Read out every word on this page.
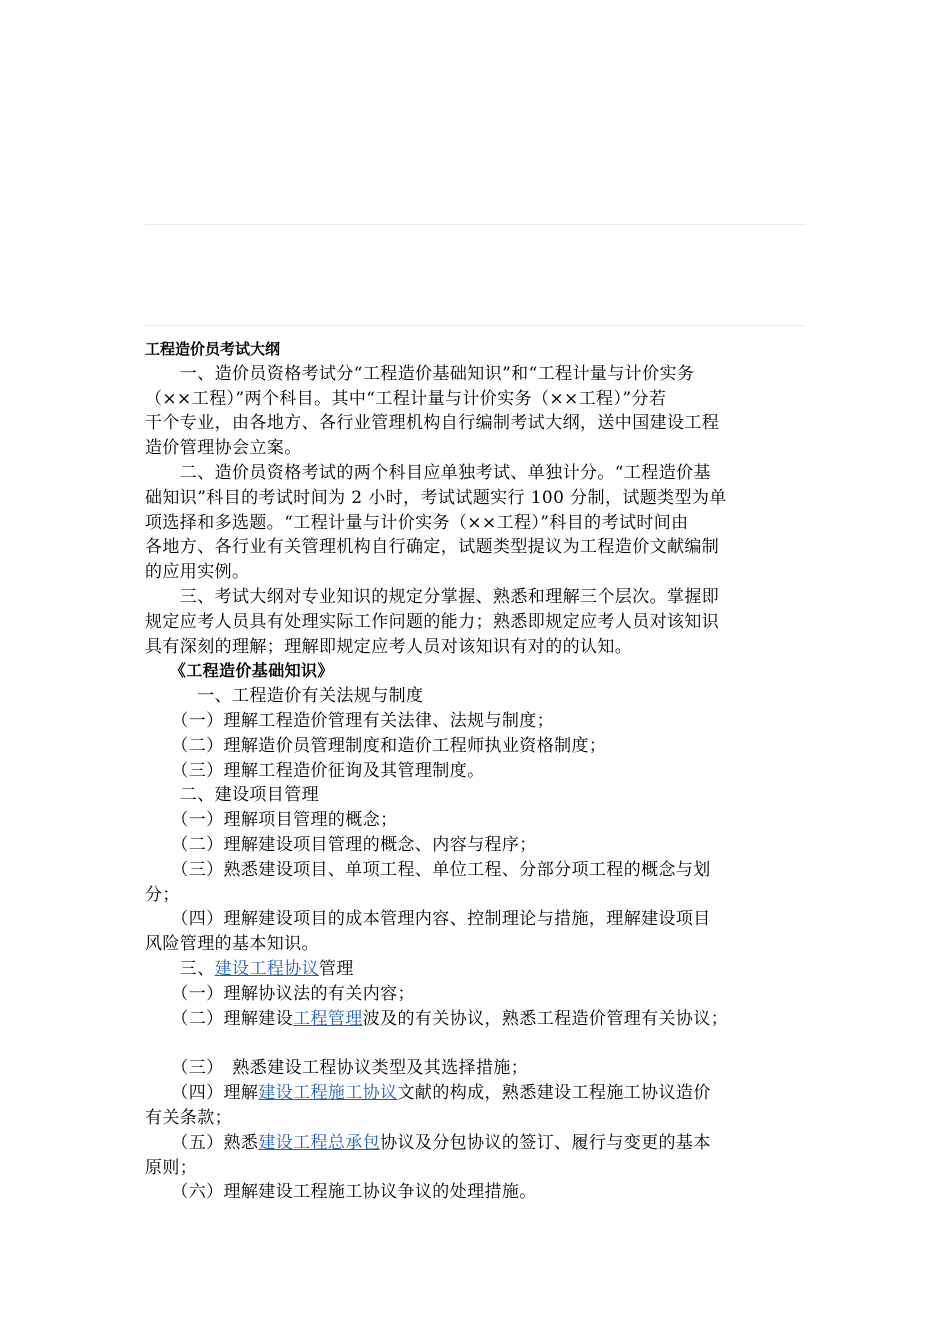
工程造价员考试大纲
　　一、造价员资格考试分“工程造价基础知识”和“工程计量与计价实务
（××工程）”两个科目。其中“工程计量与计价实务（××工程）”分若
干个专业，由各地方、各行业管理机构自行编制考试大纲，送中国建设工程
造价管理协会立案。
　　二、造价员资格考试的两个科目应单独考试、单独计分。“工程造价基
础知识”科目的考试时间为 2 小时，考试试题实行 100 分制，试题类型为单
项选择和多选题。“工程计量与计价实务（××工程）”科目的考试时间由
各地方、各行业有关管理机构自行确定，试题类型提议为工程造价文献编制
的应用实例。
　　三、考试大纲对专业知识的规定分掌握、熟悉和理解三个层次。掌握即
规定应考人员具有处理实际工作问题的能力；熟悉即规定应考人员对该知识
具有深刻的理解；理解即规定应考人员对该知识有对的的认知。
　　《工程造价基础知识》
　　　一、工程造价有关法规与制度
　　（一）理解工程造价管理有关法律、法规与制度；
　　（二）理解造价员管理制度和造价工程师执业资格制度；
　　（三）理解工程造价征询及其管理制度。
　　二、建设项目管理
　　（一）理解项目管理的概念；
　　（二）理解建设项目管理的概念、内容与程序；
　　（三）熟悉建设项目、单项工程、单位工程、分部分项工程的概念与划
分；
　　（四）理解建设项目的成本管理内容、控制理论与措施，理解建设项目
风险管理的基本知识。
　　三、建设工程协议管理
　　（一）理解协议法的有关内容；
　　（二）理解建设工程管理波及的有关协议，熟悉工程造价管理有关协议；
　　（三）　熟悉建设工程协议类型及其选择措施；
　　（四）理解建设工程施工协议文献的构成，熟悉建设工程施工协议造价
有关条款；
　　（五）熟悉建设工程总承包协议及分包协议的签订、履行与变更的基本
原则；
　　（六）理解建设工程施工协议争议的处理措施。
